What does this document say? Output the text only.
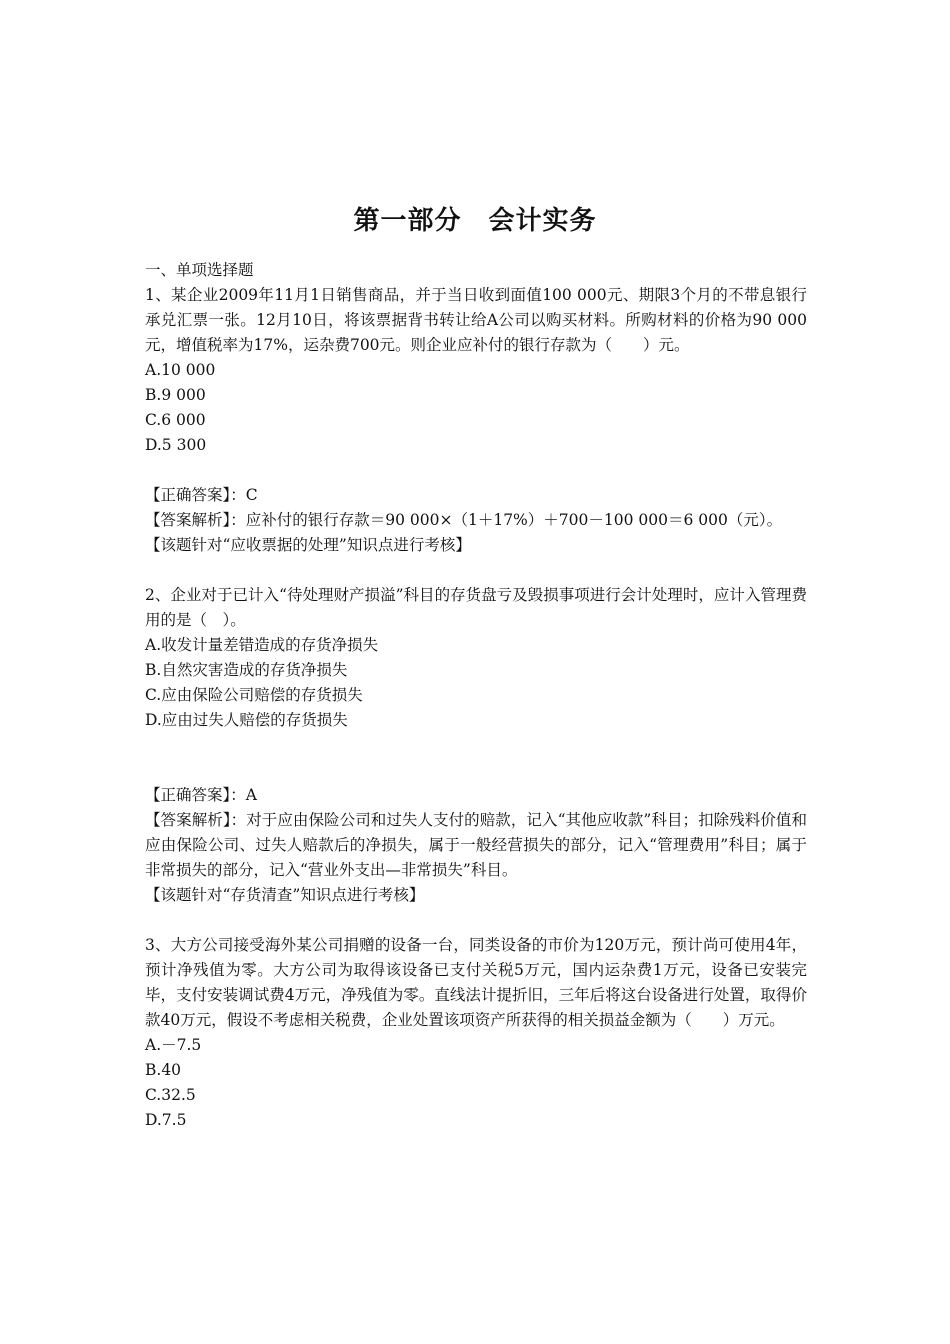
第一部分　会计实务

一、单项选择题

1、某企业2009年11月1日销售商品，并于当日收到面值100 000元、期限3个月的不带息银行承兑汇票一张。12月10日，将该票据背书转让给A公司以购买材料。所购材料的价格为90 000元，增值税率为17%，运杂费700元。则企业应补付的银行存款为（　　）元。

A.10 000

B.9 000

C.6 000

D.5 300

【正确答案】：C

【答案解析】：应补付的银行存款＝90 000×（1＋17%）＋700－100 000＝6 000（元）。

【该题针对“应收票据的处理”知识点进行考核】

2、企业对于已计入“待处理财产损溢”科目的存货盘亏及毁损事项进行会计处理时，应计入管理费用的是（　）。

A.收发计量差错造成的存货净损失

B.自然灾害造成的存货净损失

C.应由保险公司赔偿的存货损失

D.应由过失人赔偿的存货损失

【正确答案】：A

【答案解析】：对于应由保险公司和过失人支付的赔款，记入“其他应收款”科目；扣除残料价值和应由保险公司、过失人赔款后的净损失，属于一般经营损失的部分，记入“管理费用”科目；属于非常损失的部分，记入“营业外支出—非常损失”科目。

【该题针对“存货清查”知识点进行考核】

3、大方公司接受海外某公司捐赠的设备一台，同类设备的市价为120万元，预计尚可使用4年，预计净残值为零。大方公司为取得该设备已支付关税5万元，国内运杂费1万元，设备已安装完毕，支付安装调试费4万元，净残值为零。直线法计提折旧，三年后将这台设备进行处置，取得价款40万元，假设不考虑相关税费，企业处置该项资产所获得的相关损益金额为（　　）万元。

A.－7.5

B.40

C.32.5

D.7.5
